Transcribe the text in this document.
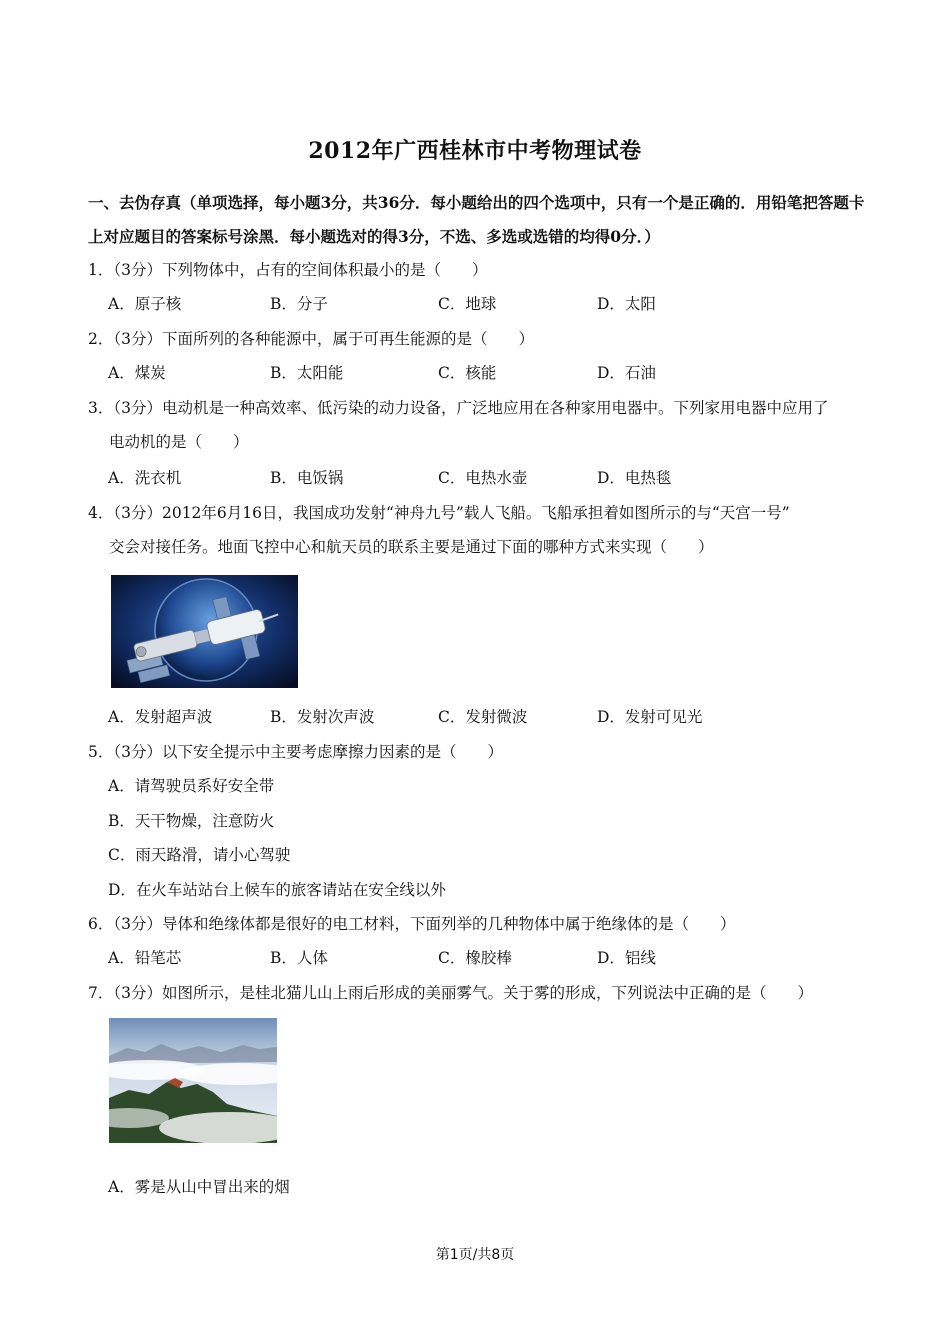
2012年广西桂林市中考物理试卷
一、去伪存真（单项选择，每小题3分，共36分．每小题给出的四个选项中，只有一个是正确的．用铅笔把答题卡上对应题目的答案标号涂黑．每小题选对的得3分，不选、多选或选错的均得0分．）
1．（3分）下列物体中，占有的空间体积最小的是（　　）
A．原子核	B．分子	C．地球	D．太阳
2．（3分）下面所列的各种能源中，属于可再生能源的是（　　）
A．煤炭	B．太阳能	C．核能	D．石油
3．（3分）电动机是一种高效率、低污染的动力设备，广泛地应用在各种家用电器中。下列家用电器中应用了
电动机的是（　　）
A．洗衣机	B．电饭锅	C．电热水壶	D．电热毯
4．（3分）2012年6月16日，我国成功发射“神舟九号”载人飞船。飞船承担着如图所示的与“天宫一号”
交会对接任务。地面飞控中心和航天员的联系主要是通过下面的哪种方式来实现（　　）
A．发射超声波	B．发射次声波	C．发射微波	D．发射可见光
5．（3分）以下安全提示中主要考虑摩擦力因素的是（　　）
A．请驾驶员系好安全带
B．天干物燥，注意防火
C．雨天路滑，请小心驾驶
D．在火车站站台上候车的旅客请站在安全线以外
6．（3分）导体和绝缘体都是很好的电工材料，下面列举的几种物体中属于绝缘体的是（　　）
A．铅笔芯	B．人体	C．橡胶棒	D．铝线
7．（3分）如图所示，是桂北猫儿山上雨后形成的美丽雾气。关于雾的形成，下列说法中正确的是（　　）
A．雾是从山中冒出来的烟
第1页/共8页
